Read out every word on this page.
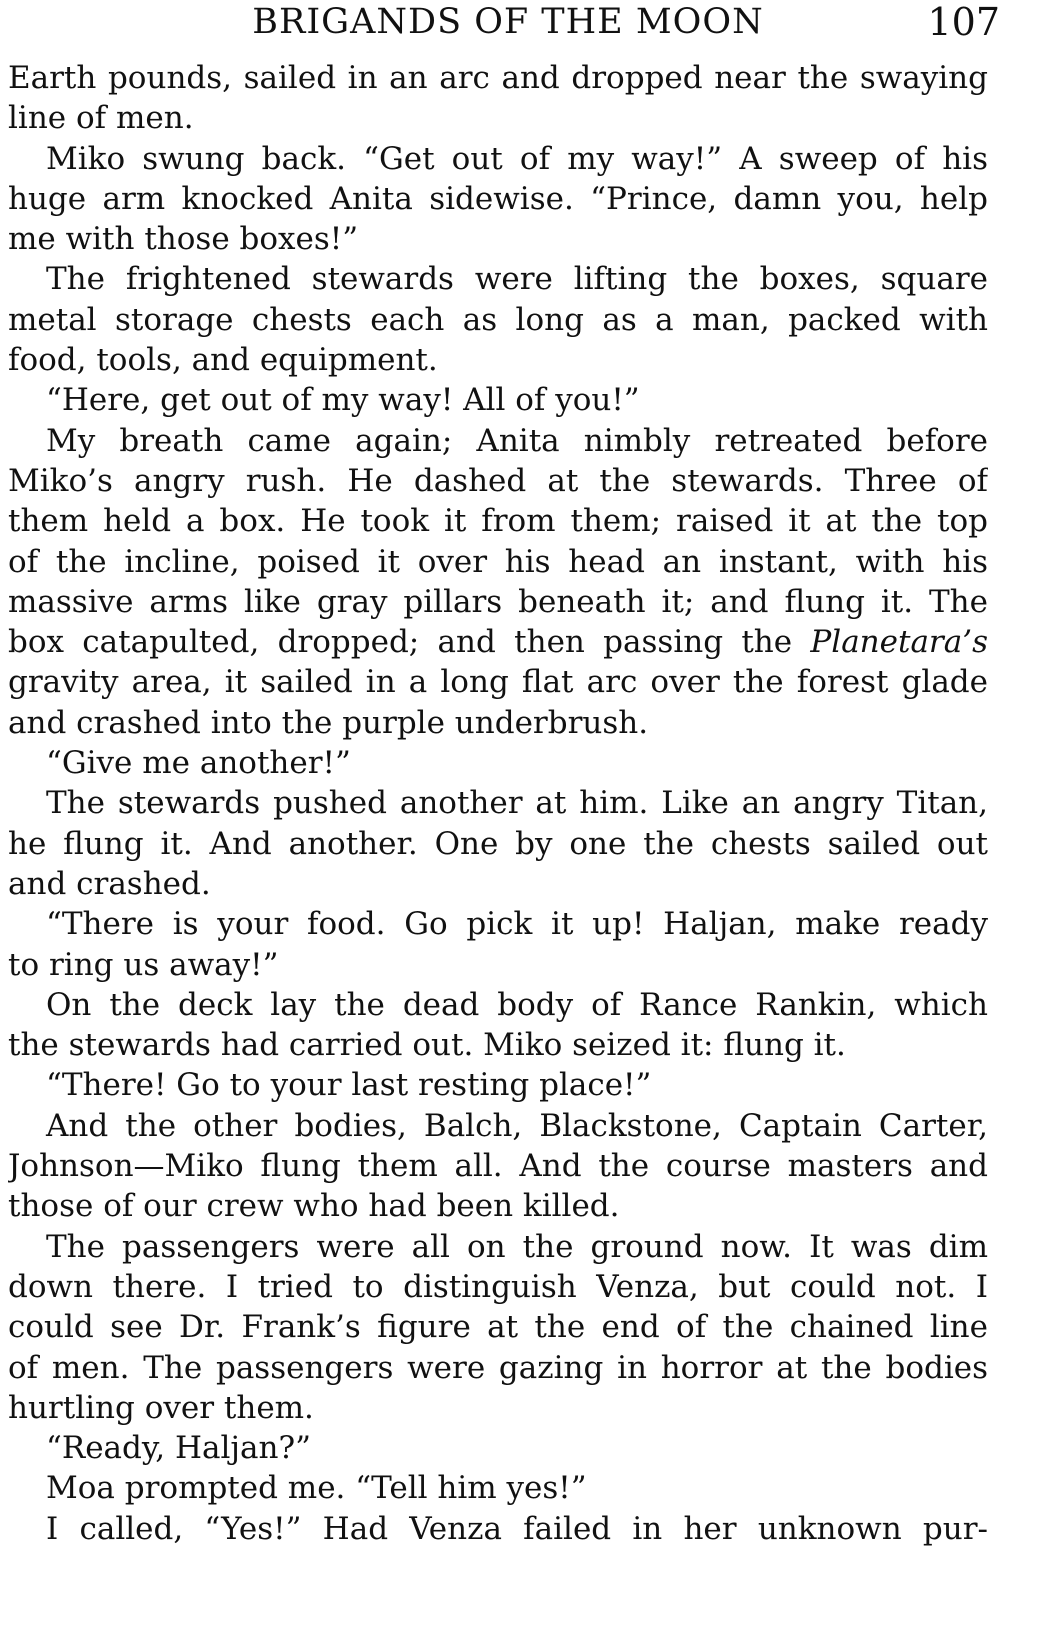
BRIGANDS OF THE MOON	107
Earth pounds, sailed in an arc and dropped near the swaying
line of men.
Miko swung back. “Get out of my way!” A sweep of his
huge arm knocked Anita sidewise. “Prince, damn you, help
me with those boxes!”
The frightened stewards were lifting the boxes, square
metal storage chests each as long as a man, packed with
food, tools, and equipment.
“Here, get out of my way! All of you!”
My breath came again; Anita nimbly retreated before
Miko’s angry rush. He dashed at the stewards. Three of
them held a box. He took it from them; raised it at the top
of the incline, poised it over his head an instant, with his
massive arms like gray pillars beneath it; and flung it. The
box catapulted, dropped; and then passing the Planetara’s
gravity area, it sailed in a long flat arc over the forest glade
and crashed into the purple underbrush.
“Give me another!”
The stewards pushed another at him. Like an angry Titan,
he flung it. And another. One by one the chests sailed out
and crashed.
“There is your food. Go pick it up! Haljan, make ready
to ring us away!”
On the deck lay the dead body of Rance Rankin, which
the stewards had carried out. Miko seized it: flung it.
“There! Go to your last resting place!”
And the other bodies, Balch, Blackstone, Captain Carter,
Johnson—Miko flung them all. And the course masters and
those of our crew who had been killed.
The passengers were all on the ground now. It was dim
down there. I tried to distinguish Venza, but could not. I
could see Dr. Frank’s figure at the end of the chained line
of men. The passengers were gazing in horror at the bodies
hurtling over them.
“Ready, Haljan?”
Moa prompted me. “Tell him yes!”
I called, “Yes!” Had Venza failed in her unknown pur-
